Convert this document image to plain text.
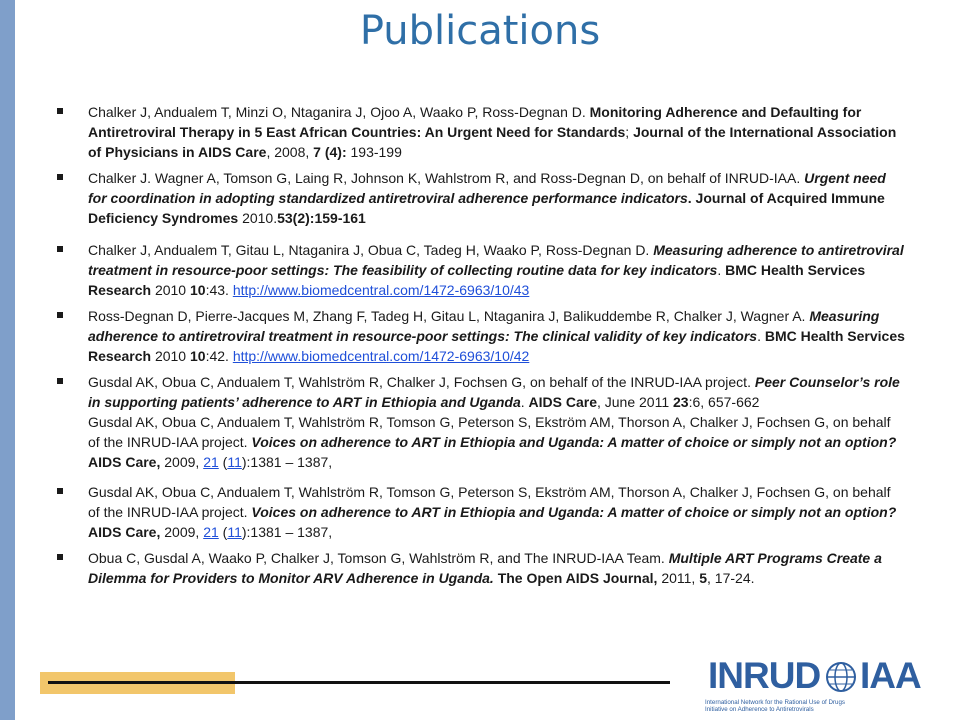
Publications
Chalker J, Andualem T, Minzi O, Ntaganira J, Ojoo A, Waako P, Ross-Degnan D. Monitoring Adherence and Defaulting for Antiretroviral Therapy in 5 East African Countries: An Urgent Need for Standards; Journal of the International Association of Physicians in AIDS Care, 2008, 7 (4): 193-199
Chalker J. Wagner A, Tomson G, Laing R, Johnson K, Wahlstrom R, and Ross-Degnan D, on behalf of INRUD-IAA. Urgent need for coordination in adopting standardized antiretroviral adherence performance indicators. Journal of Acquired Immune Deficiency Syndromes 2010.53(2):159-161
Chalker J, Andualem T, Gitau L, Ntaganira J, Obua C, Tadeg H, Waako P, Ross-Degnan D. Measuring adherence to antiretroviral treatment in resource-poor settings: The feasibility of collecting routine data for key indicators. BMC Health Services Research 2010 10:43. http://www.biomedcentral.com/1472-6963/10/43
Ross-Degnan D, Pierre-Jacques M, Zhang F, Tadeg H, Gitau L, Ntaganira J, Balikuddembe R, Chalker J, Wagner A. Measuring adherence to antiretroviral treatment in resource-poor settings: The clinical validity of key indicators. BMC Health Services Research 2010 10:42. http://www.biomedcentral.com/1472-6963/10/42
Gusdal AK, Obua C, Andualem T, Wahlström R, Chalker J, Fochsen G, on behalf of the INRUD-IAA project. Peer Counselor’s role in supporting patients’ adherence to ART in Ethiopia and Uganda. AIDS Care, June 2011 23:6, 657-662
Gusdal AK, Obua C, Andualem T, Wahlström R, Tomson G, Peterson S, Ekström AM, Thorson A, Chalker J, Fochsen G, on behalf of the INRUD-IAA project. Voices on adherence to ART in Ethiopia and Uganda: A matter of choice or simply not an option? AIDS Care, 2009, 21 (11):1381 – 1387,
Gusdal AK, Obua C, Andualem T, Wahlström R, Tomson G, Peterson S, Ekström AM, Thorson A, Chalker J, Fochsen G, on behalf of the INRUD-IAA project. Voices on adherence to ART in Ethiopia and Uganda: A matter of choice or simply not an option? AIDS Care, 2009, 21 (11):1381 – 1387,
Obua C, Gusdal A, Waako P, Chalker J, Tomson G, Wahlström R, and The INRUD-IAA Team. Multiple ART Programs Create a Dilemma for Providers to Monitor ARV Adherence in Uganda. The Open AIDS Journal, 2011, 5, 17-24.
INRUD IAA
International Network for the Rational Use of Drugs
Initiative on Adherence to Antiretrovirals
